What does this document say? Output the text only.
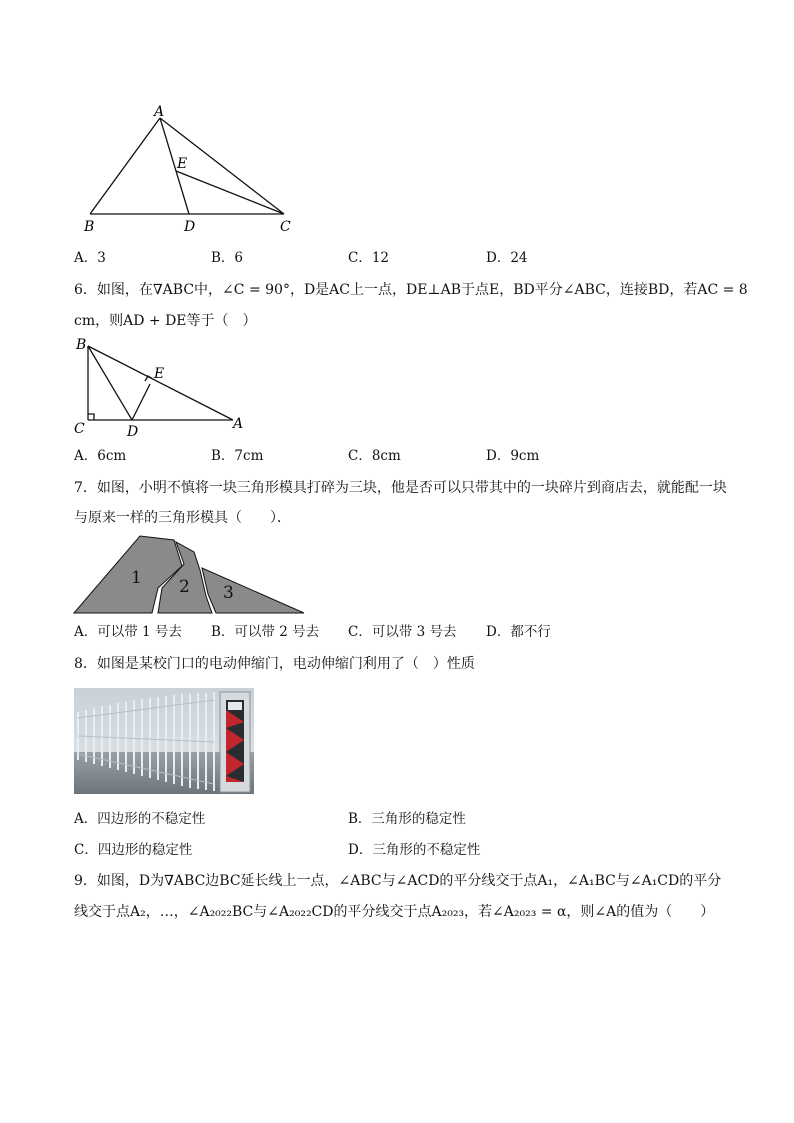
A
E
B	D	C
A．3	B．6	C．12	D．24
6．如图，在∇ABC中，∠C = 90°，D是AC上一点，DE⊥AB于点E，BD平分∠ABC，连接BD，若AC = 8
cm，则AD + DE等于（　）
B
E
C	D	A
A．6cm	B．7cm	C．8cm	D．9cm
7．如图，小明不慎将一块三角形模具打碎为三块，他是否可以只带其中的一块碎片到商店去，就能配一块
与原来一样的三角形模具（　　）．
1 2 3
A．可以带 1 号去 B．可以带 2 号去 C．可以带 3 号去 D．都不行
8．如图是某校门口的电动伸缩门，电动伸缩门利用了（　）性质
A．四边形的不稳定性	B．三角形的稳定性
C．四边形的稳定性	D．三角形的不稳定性
9．如图，D为∇ABC边BC延长线上一点，∠ABC与∠ACD的平分线交于点A₁，∠A₁BC与∠A₁CD的平分
线交于点A₂，…，∠A₂₀₂₂BC与∠A₂₀₂₂CD的平分线交于点A₂₀₂₃，若∠A₂₀₂₃ = α，则∠A的值为（　　）
